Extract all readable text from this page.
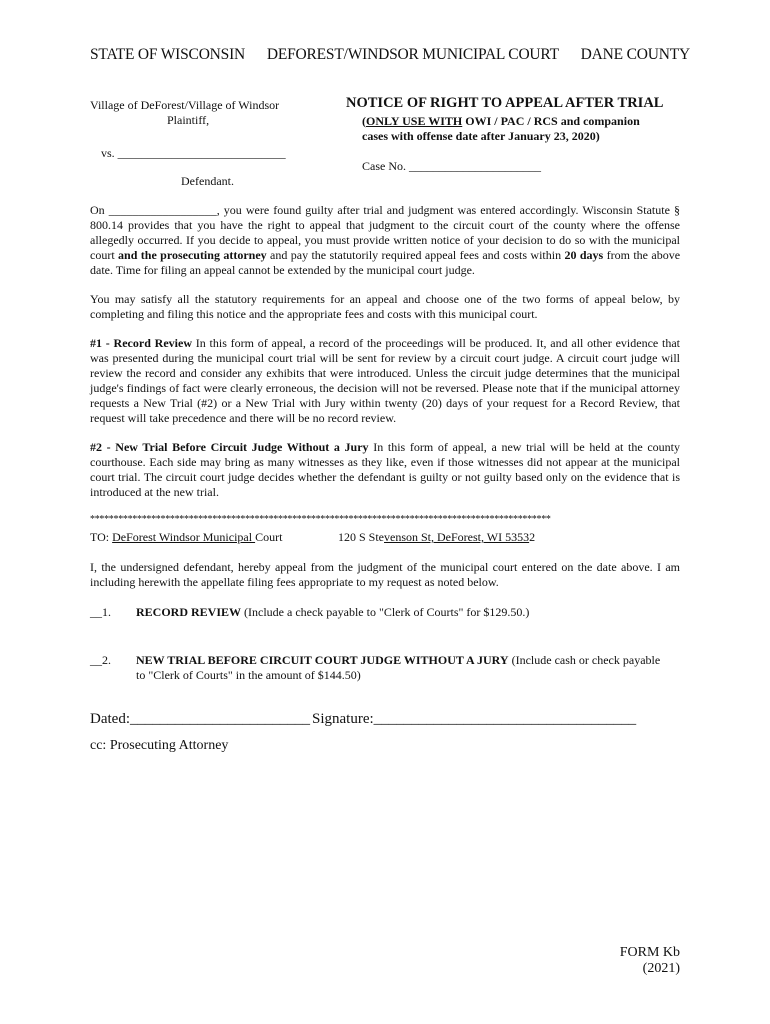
STATE OF WISCONSIN DEFOREST/WINDSOR MUNICIPAL COURT DANE COUNTY
Village of DeForest/Village of Windsor
Plaintiff,
vs. ____________________________
Defendant.
NOTICE OF RIGHT TO APPEAL AFTER TRIAL
(ONLY USE WITH OWI / PAC / RCS and companion
cases with offense date after January 23, 2020)
Case No. ______________________

On __________________, you were found guilty after trial and judgment was entered accordingly. Wisconsin Statute § 800.14 provides that you have the right to appeal that judgment to the circuit court of the county where the offense allegedly occurred. If you decide to appeal, you must provide written notice of your decision to do so with the municipal court and the prosecuting attorney and pay the statutorily required appeal fees and costs within 20 days from the above date. Time for filing an appeal cannot be extended by the municipal court judge.

You may satisfy all the statutory requirements for an appeal and choose one of the two forms of appeal below, by completing and filing this notice and the appropriate fees and costs with this municipal court.

#1 - Record Review In this form of appeal, a record of the proceedings will be produced. It, and all other evidence that was presented during the municipal court trial will be sent for review by a circuit court judge. A circuit court judge will review the record and consider any exhibits that were introduced. Unless the circuit judge determines that the municipal judge's findings of fact were clearly erroneous, the decision will not be reversed. Please note that if the municipal attorney requests a New Trial (#2) or a New Trial with Jury within twenty (20) days of your request for a Record Review, that request will take precedence and there will be no record review.

#2 - New Trial Before Circuit Judge Without a Jury In this form of appeal, a new trial will be held at the county courthouse. Each side may bring as many witnesses as they like, even if those witnesses did not appear at the municipal court trial. The circuit court judge decides whether the defendant is guilty or not guilty based only on the evidence that is introduced at the new trial.

**************************************************************************************************
TO: DeForest Windsor Municipal Court	120 S Stevenson St, DeForest, WI 53532

I, the undersigned defendant, hereby appeal from the judgment of the municipal court entered on the date above. I am including herewith the appellate filing fees appropriate to my request as noted below.

__1. RECORD REVIEW (Include a check payable to "Clerk of Courts" for $129.50.)
__2. NEW TRIAL BEFORE CIRCUIT COURT JUDGE WITHOUT A JURY (Include cash or check payable
to "Clerk of Courts" in the amount of $144.50)
Dated:________________________ Signature:___________________________________
cc: Prosecuting Attorney
FORM Kb
(2021)
